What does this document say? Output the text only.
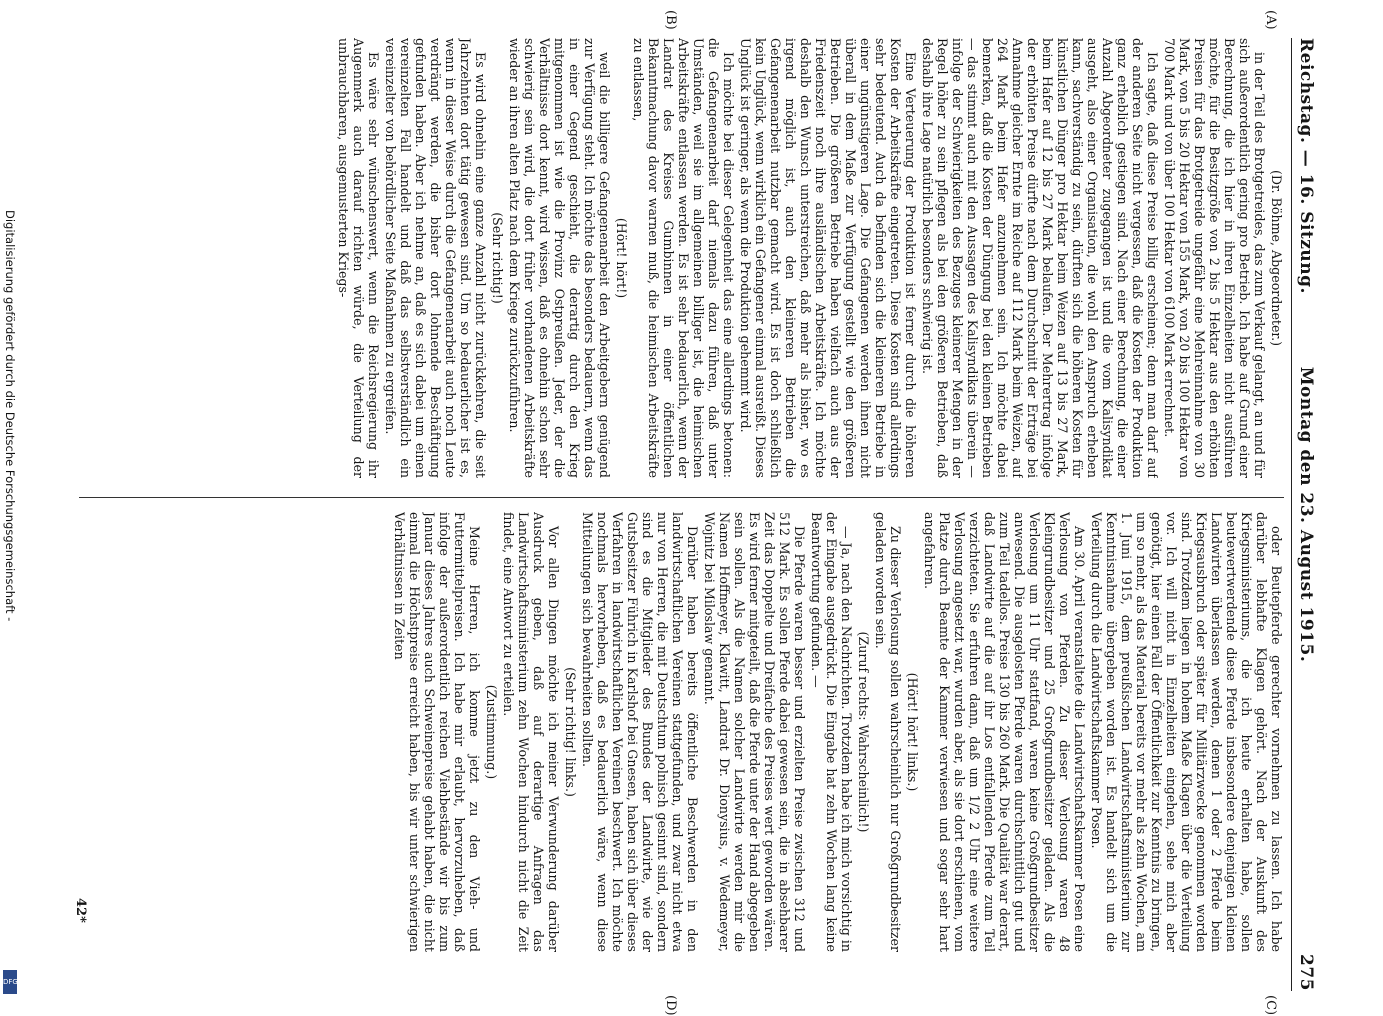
Reichstag. — 16. Sitzung.
Montag den 23. August 1915.
275

(Dr. Böhme, Abgeordneter.)

in der Teil des Brotgetreides, das zum Verkauf gelangt, an und für sich außerordentlich gering pro Betrieb. Ich habe auf Grund einer Berechnung, die ich hier in ihren Einzelheiten nicht ausführen möchte, für die Besitzgröße von 2 bis 5 Hektar aus den erhöhten Preisen für das Brotgetreide ungefähr eine Mehreinnahme von 30 Mark, von 5 bis 20 Hektar von 155 Mark, von 20 bis 100 Hektar von 700 Mark und von über 100 Hektar von 6100 Mark errechnet.

Ich sagte, daß diese Preise billig erscheinen; denn man darf auf der anderen Seite nicht vergessen, daß die Kosten der Produktion ganz erheblich gestiegen sind. Nach einer Berechnung, die einer Anzahl Abgeordneter zugegangen ist und die vom Kalisyndikat ausgeht, also einer Organisation, die wohl den Anspruch erheben kann, sachverständig zu sein, dürften sich die höheren Kosten für künstlichen Dünger pro Hektar beim Weizen auf 13 bis 27 Mark, beim Hafer auf 12 bis 27 Mark belaufen. Der Mehrertrag infolge der erhöhten Preise dürfte nach dem Durchschnitt der Erträge bei Annahme gleicher Ernte im Reiche auf 112 Mark beim Weizen, auf 264 Mark beim Hafer anzunehmen sein. Ich möchte dabei bemerken, daß die Kosten der Düngung bei den kleinen Betrieben — das stimmt auch mit den Aussagen des Kalisyndikats überein — infolge der Schwierigkeiten des Bezuges kleinerer Mengen in der Regel höher zu sein pflegen als bei den größeren Betrieben, daß deshalb ihre Lage natürlich besonders schwierig ist.

Eine Verteuerung der Produktion ist ferner durch die höheren Kosten der Arbeitskräfte eingetreten. Diese Kosten sind allerdings sehr bedeutend. Auch da befinden sich die kleineren Betriebe in einer ungünstigeren Lage. Die Gefangenen werden ihnen nicht überall in dem Maße zur Verfügung gestellt wie den größeren Betrieben. Die größeren Betriebe haben vielfach auch aus der Friedenszeit noch ihre ausländischen Arbeitskräfte. Ich möchte deshalb den Wunsch unterstreichen, daß mehr als bisher, wo es irgend möglich ist, auch den kleineren Betrieben die Gefangenenarbeit nutzbar gemacht wird. Es ist doch schließlich kein Unglück, wenn wirklich ein Gefangener einmal ausreißt. Dieses Unglück ist geringer, als wenn die Produktion gehemmt wird.

Ich möchte bei dieser Gelegenheit das eine allerdings betonen: die Gefangenenarbeit darf niemals dazu führen, daß unter Umständen, weil sie im allgemeinen billiger ist, die heimischen Arbeitskräfte entlassen werden. Es ist sehr bedauerlich, wenn der Landrat des Kreises Gumbinnen in einer öffentlichen Bekanntmachung davor warnen muß, die heimischen Arbeitskräfte zu entlassen,

(Hört! hört!)

weil die billigere Gefangenenarbeit den Arbeitgebern genügend zur Verfügung steht. Ich möchte das besonders bedauern, wenn das in einer Gegend geschieht, die derartig durch den Krieg mitgenommen ist wie die Provinz Ostpreußen. Jeder, der die Verhältnisse dort kennt, wird wissen, daß es ohnehin schon sehr schwierig sein wird, die dort früher vorhandenen Arbeitskräfte wieder an ihren alten Platz nach dem Kriege zurückzuführen.

(Sehr richtig!)

Es wird ohnehin eine ganze Anzahl nicht zurückkehren, die seit Jahrzehnten dort tätig gewesen sind. Um so bedauerlicher ist es, wenn in dieser Weise durch die Gefangenenarbeit auch noch Leute verdrängt werden, die bisher dort lohnende Beschäftigung gefunden haben. Aber ich nehme an, daß es sich dabei um einen vereinzelten Fall handelt und daß das selbstverständlich ein vereinzelter von behördlicher Seite Maßnahmen zu ergreifen.

Es wäre sehr wünschenswert, wenn die Reichsregierung ihr Augenmerk auch darauf richten würde, die Verteilung der unbrauchbaren, ausgemusterten Kriegs-

oder Beutepferde gerechter vornehmen zu lassen. Ich habe darüber lebhafte Klagen gehört. Nach der Auskunft des Kriegsministeriums, die ich heute erhalten habe, sollen beutewertwerdende diese Pferde insbesondere denjenigen kleinen Landwirten überlassen werden, denen 1 oder 2 Pferde beim Kriegsausbruch oder später für Militärzwecke genommen worden sind. Trotzdem liegen in hohem Maße Klagen über die Verteilung vor. Ich will nicht in Einzelheiten eingehen, sehe mich aber genötigt, hier einen Fall der Öffentlichkeit zur Kenntnis zu bringen, um so mehr, als das Material bereits vor mehr als zehn Wochen, am 1. Juni 1915, dem preußischen Landwirtschaftsministerium zur Kenntnisnahme übergeben worden ist. Es handelt sich um die Verteilung durch die Landwirtschaftskammer Posen.

Am 30. April veranstaltete die Landwirtschaftskammer Posen eine Verlosung von Pferden. Zu dieser Verlosung waren 48 Kleingrundbesitzer und 25 Großgrundbesitzer geladen. Als die Verlosung um 11 Uhr stattfand, waren keine Großgrundbesitzer anwesend. Die ausgelosten Pferde waren durchschnittlich gut und zum Teil tadellos. Preise 130 bis 260 Mark. Die Qualität war derart, daß Landwirte auf die auf ihr Los entfallenden Pferde zum Teil verzichteten. Sie erfuhren dann, daß um 1/2 2 Uhr eine weitere Verlosung angesetzt war, wurden aber, als sie dort erschienen, vom Platze durch Beamte der Kammer verwiesen und sogar sehr hart angefahren.

(Hört! hört! links.)

Zu dieser Verlosung sollen wahrscheinlich nur Großgrundbesitzer geladen worden sein.

(Zuruf rechts: Wahrscheinlich!)

— Ja, nach den Nachrichten. Trotzdem habe ich mich vorsichtig in der Eingabe ausgedrückt. Die Eingabe hat zehn Wochen lang keine Beantwortung gefunden. —

Die Pferde waren besser und erzielten Preise zwischen 312 und 512 Mark. Es sollen Pferde dabei gewesen sein, die in absehbarer Zeit das Doppelte und Dreifache des Preises wert geworden wären. Es wird ferner mitgeteilt, daß die Pferde unter der Hand abgegeben sein sollen. Als die Namen solcher Landwirte werden mir die Namen Hoffmeyer, Klawitt, Landrat Dr. Dionysius, v. Wedemeyer, Wojnitz bei Miloslaw genannt.

Darüber haben bereits öffentliche Beschwerden in den landwirtschaftlichen Vereinen stattgefunden, und zwar nicht etwa nur von Herren, die mit Deutschtum polnisch gesinnt sind, sondern sind es die Mitglieder des Bundes der Landwirte, wie der Gutsbesitzer Führich in Karlshof bei Gnesen, haben sich über dieses Verfahren in landwirtschaftlichen Vereinen beschwert. Ich möchte nochmals hervorheben, daß es bedauerlich wäre, wenn diese Mitteilungen sich bewahrheiten sollten.

(Sehr richtig! links.)

Vor allen Dingen möchte ich meiner Verwunderung darüber Ausdruck geben, daß auf derartige Anfragen das Landwirtschaftsministerium zehn Wochen hindurch nicht die Zeit findet, eine Antwort zu erteilen.

(Zustimmung.)

Meine Herren, ich komme jetzt zu den Vieh- und Futtermittelpreisen. Ich habe mir erlaubt, hervorzuheben, daß infolge der außerordentlich reichen Viehbestände wir bis zum Januar dieses Jahres auch Schweinepreise gehabt haben, die nicht einmal die Höchstpreise erreicht haben, bis wir unter schwierigen Verhältnissen in Zeiten

(A)
(B)
(C)
(D)
42*
Digitalisierung gefördert durch die Deutsche Forschungsgemeinschaft -
DFG
